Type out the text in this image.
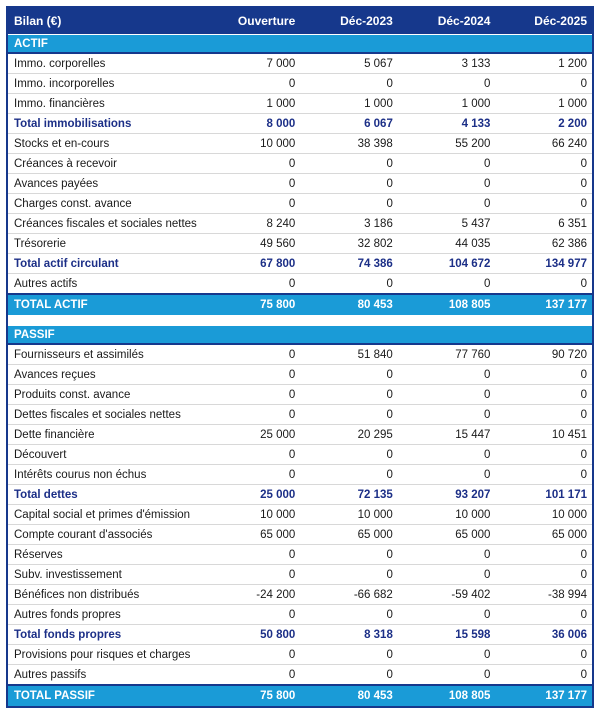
Bilan (€)	Ouverture	Déc-2023	Déc-2024	Déc-2025
ACTIF				
Immo. corporelles	7 000	5 067	3 133	1 200
Immo. incorporelles	0	0	0	0
Immo. financières	1 000	1 000	1 000	1 000
Total immobilisations	8 000	6 067	4 133	2 200
Stocks et en-cours	10 000	38 398	55 200	66 240
Créances à recevoir	0	0	0	0
Avances payées	0	0	0	0
Charges const. avance	0	0	0	0
Créances fiscales et sociales nettes	8 240	3 186	5 437	6 351
Trésorerie	49 560	32 802	44 035	62 386
Total actif circulant	67 800	74 386	104 672	134 977
Autres actifs	0	0	0	0
TOTAL ACTIF	75 800	80 453	108 805	137 177

PASSIF				
Fournisseurs et assimilés	0	51 840	77 760	90 720
Avances reçues	0	0	0	0
Produits const. avance	0	0	0	0
Dettes fiscales et sociales nettes	0	0	0	0
Dette financière	25 000	20 295	15 447	10 451
Découvert	0	0	0	0
Intérêts courus non échus	0	0	0	0
Total dettes	25 000	72 135	93 207	101 171
Capital social et primes d'émission	10 000	10 000	10 000	10 000
Compte courant d'associés	65 000	65 000	65 000	65 000
Réserves	0	0	0	0
Subv. investissement	0	0	0	0
Bénéfices non distribués	-24 200	-66 682	-59 402	-38 994
Autres fonds propres	0	0	0	0
Total fonds propres	50 800	8 318	15 598	36 006
Provisions pour risques et charges	0	0	0	0
Autres passifs	0	0	0	0
TOTAL PASSIF	75 800	80 453	108 805	137 177
